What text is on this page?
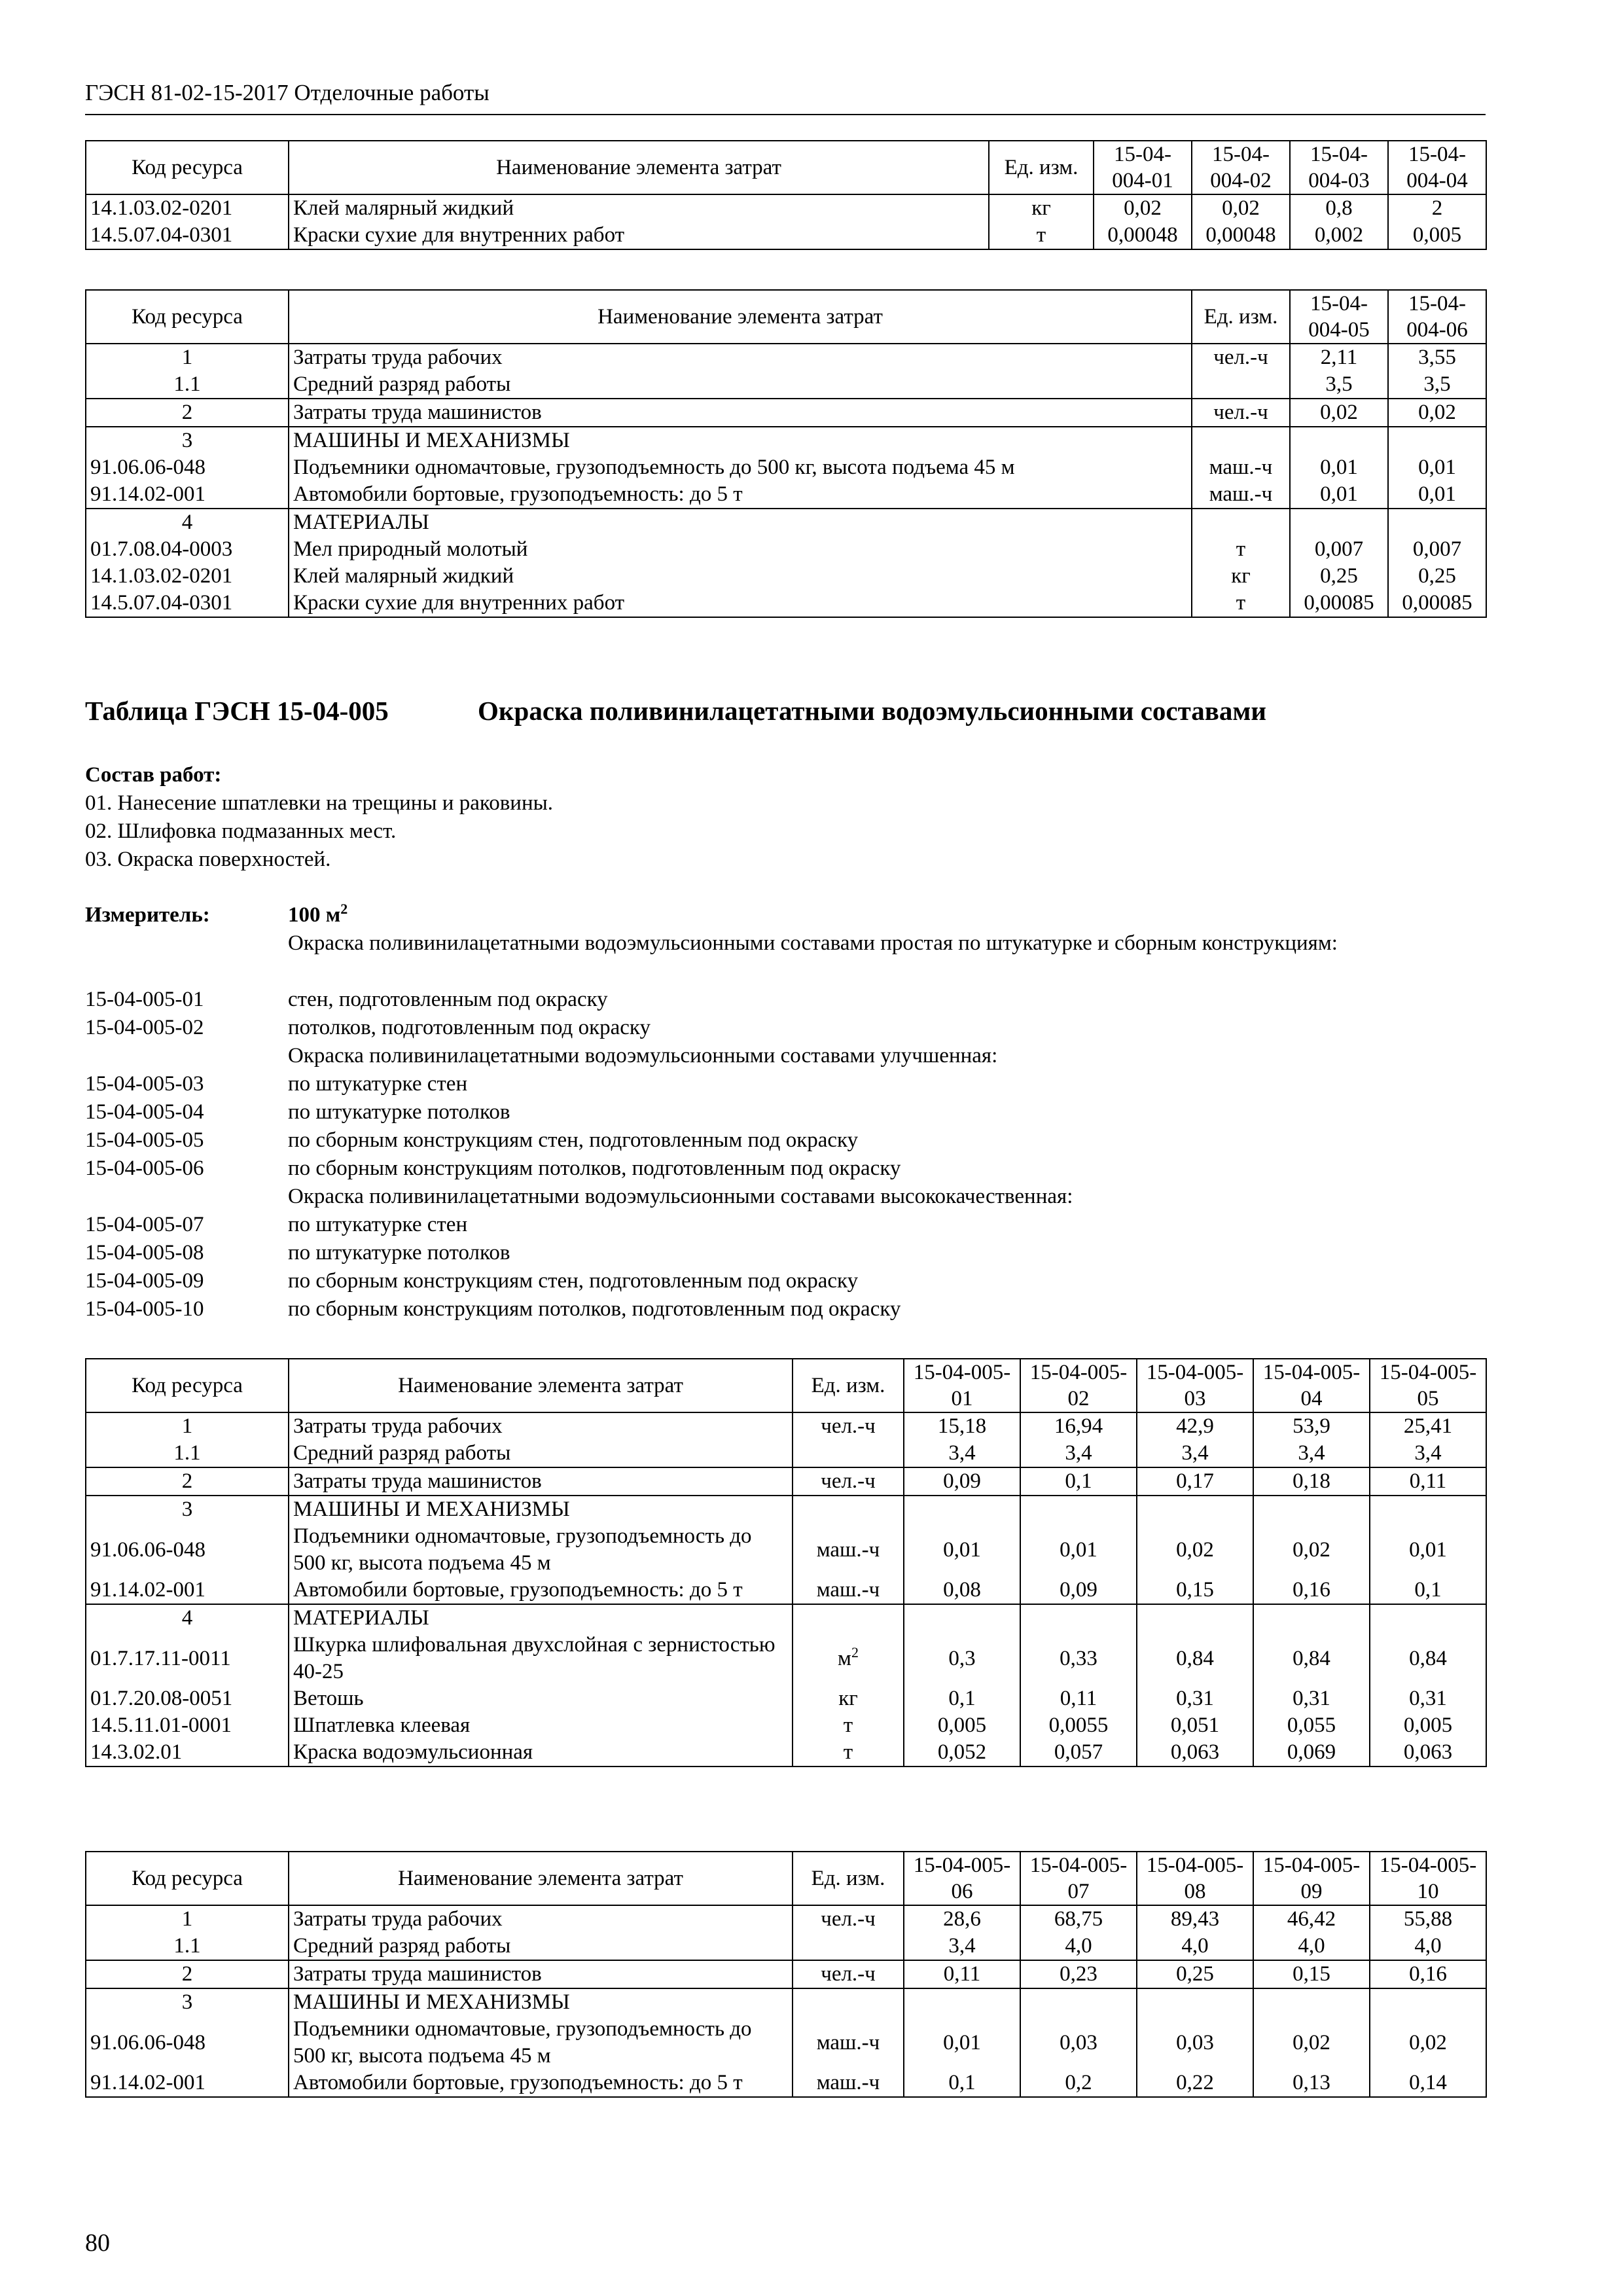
ГЭСН 81-02-15-2017 Отделочные работы
Код ресурса	Наименование элемента затрат	Ед. изм.	15-04-004-01	15-04-004-02	15-04-004-03	15-04-004-04
14.1.03.02-0201	Клей малярный жидкий	кг	0,02	0,02	0,8	2
14.5.07.04-0301	Краски сухие для внутренних работ	т	0,00048	0,00048	0,002	0,005
Код ресурса	Наименование элемента затрат	Ед. изм.	15-04-004-05	15-04-004-06
1	Затраты труда рабочих	чел.-ч	2,11	3,55
1.1	Средний разряд работы		3,5	3,5
2	Затраты труда машинистов	чел.-ч	0,02	0,02
3	МАШИНЫ И МЕХАНИЗМЫ			
91.06.06-048	Подъемники одномачтовые, грузоподъемность до 500 кг, высота подъема 45 м	маш.-ч	0,01	0,01
91.14.02-001	Автомобили бортовые, грузоподъемность: до 5 т	маш.-ч	0,01	0,01
4	МАТЕРИАЛЫ			
01.7.08.04-0003	Мел природный молотый	т	0,007	0,007
14.1.03.02-0201	Клей малярный жидкий	кг	0,25	0,25
14.5.07.04-0301	Краски сухие для внутренних работ	т	0,00085	0,00085
Таблица ГЭСН 15-04-005	Окраска поливинилацетатными водоэмульсионными составами
Состав работ:
01. Нанесение шпатлевки на трещины и раковины.
02. Шлифовка подмазанных мест.
03. Окраска поверхностей.
Измеритель:	100 $м^2$
Окраска поливинилацетатными водоэмульсионными составами простая по штукатурке и сборным конструкциям:
15-04-005-01	стен, подготовленным под окраску
15-04-005-02	потолков, подготовленным под окраску
Окраска поливинилацетатными водоэмульсионными составами улучшенная:
15-04-005-03	по штукатурке стен
15-04-005-04	по штукатурке потолков
15-04-005-05	по сборным конструкциям стен, подготовленным под окраску
15-04-005-06	по сборным конструкциям потолков, подготовленным под окраску
Окраска поливинилацетатными водоэмульсионными составами высококачественная:
15-04-005-07	по штукатурке стен
15-04-005-08	по штукатурке потолков
15-04-005-09	по сборным конструкциям стен, подготовленным под окраску
15-04-005-10	по сборным конструкциям потолков, подготовленным под окраску
Код ресурса	Наименование элемента затрат	Ед. изм.	15-04-005-01	15-04-005-02	15-04-005-03	15-04-005-04	15-04-005-05
1	Затраты труда рабочих	чел.-ч	15,18	16,94	42,9	53,9	25,41
1.1	Средний разряд работы		3,4	3,4	3,4	3,4	3,4
2	Затраты труда машинистов	чел.-ч	0,09	0,1	0,17	0,18	0,11
3	МАШИНЫ И МЕХАНИЗМЫ						
91.06.06-048	Подъемники одномачтовые, грузоподъемность до 500 кг, высота подъема 45 м	маш.-ч	0,01	0,01	0,02	0,02	0,01
91.14.02-001	Автомобили бортовые, грузоподъемность: до 5 т	маш.-ч	0,08	0,09	0,15	0,16	0,1
4	МАТЕРИАЛЫ						
01.7.17.11-0011	Шкурка шлифовальная двухслойная с зернистостью 40-25	$м^2$	0,3	0,33	0,84	0,84	0,84
01.7.20.08-0051	Ветошь	кг	0,1	0,11	0,31	0,31	0,31
14.5.11.01-0001	Шпатлевка клеевая	т	0,005	0,0055	0,051	0,055	0,005
14.3.02.01	Краска водоэмульсионная	т	0,052	0,057	0,063	0,069	0,063
Код ресурса	Наименование элемента затрат	Ед. изм.	15-04-005-06	15-04-005-07	15-04-005-08	15-04-005-09	15-04-005-10
1	Затраты труда рабочих	чел.-ч	28,6	68,75	89,43	46,42	55,88
1.1	Средний разряд работы		3,4	4,0	4,0	4,0	4,0
2	Затраты труда машинистов	чел.-ч	0,11	0,23	0,25	0,15	0,16
3	МАШИНЫ И МЕХАНИЗМЫ						
91.06.06-048	Подъемники одномачтовые, грузоподъемность до 500 кг, высота подъема 45 м	маш.-ч	0,01	0,03	0,03	0,02	0,02
91.14.02-001	Автомобили бортовые, грузоподъемность: до 5 т	маш.-ч	0,1	0,2	0,22	0,13	0,14
80
